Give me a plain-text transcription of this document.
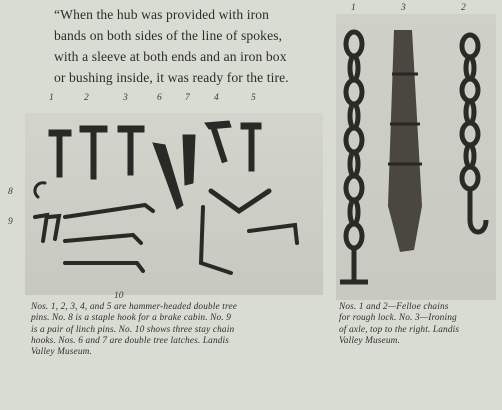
“When the hub was provided with iron
bands on both sides of the line of spokes,
with a sleeve at both ends and an iron box
or bushing inside, it was ready for the tire.
1	2	3	6 7	4	5
8
9
10
Nos. 1, 2, 3, 4, and 5 are hammer-headed double tree
pins. No. 8 is a staple hook for a brake cabin. No. 9
is a pair of linch pins. No. 10 shows three stay chain
hooks. Nos. 6 and 7 are double tree latches. Landis
Valley Museum.
1	3	2
Nos. 1 and 2—Felloe chains
for rough lock. No. 3—Ironing
of axle, top to the right. Landis
Valley Museum.
